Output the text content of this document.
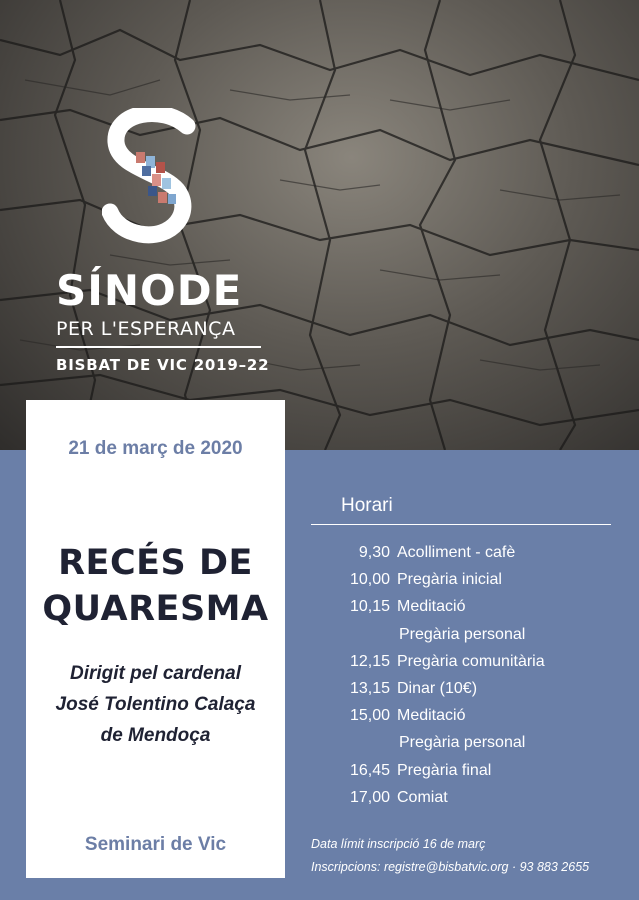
SÍNODE
PER L'ESPERANÇA
BISBAT DE VIC 2019–22
21 de març de 2020
RECÉS DE
QUARESMA
Dirigit pel cardenal
José Tolentino Calaça
de Mendoça
Seminari de Vic
Horari
9,30 Acolliment - cafè
10,00 Pregària inicial
10,15 Meditació
Pregària personal
12,15 Pregària comunitària
13,15 Dinar (10€)
15,00 Meditació
Pregària personal
16,45 Pregària final
17,00 Comiat
Data límit inscripció 16 de març
Inscripcions: registre@bisbatvic.org · 93 883 2655
